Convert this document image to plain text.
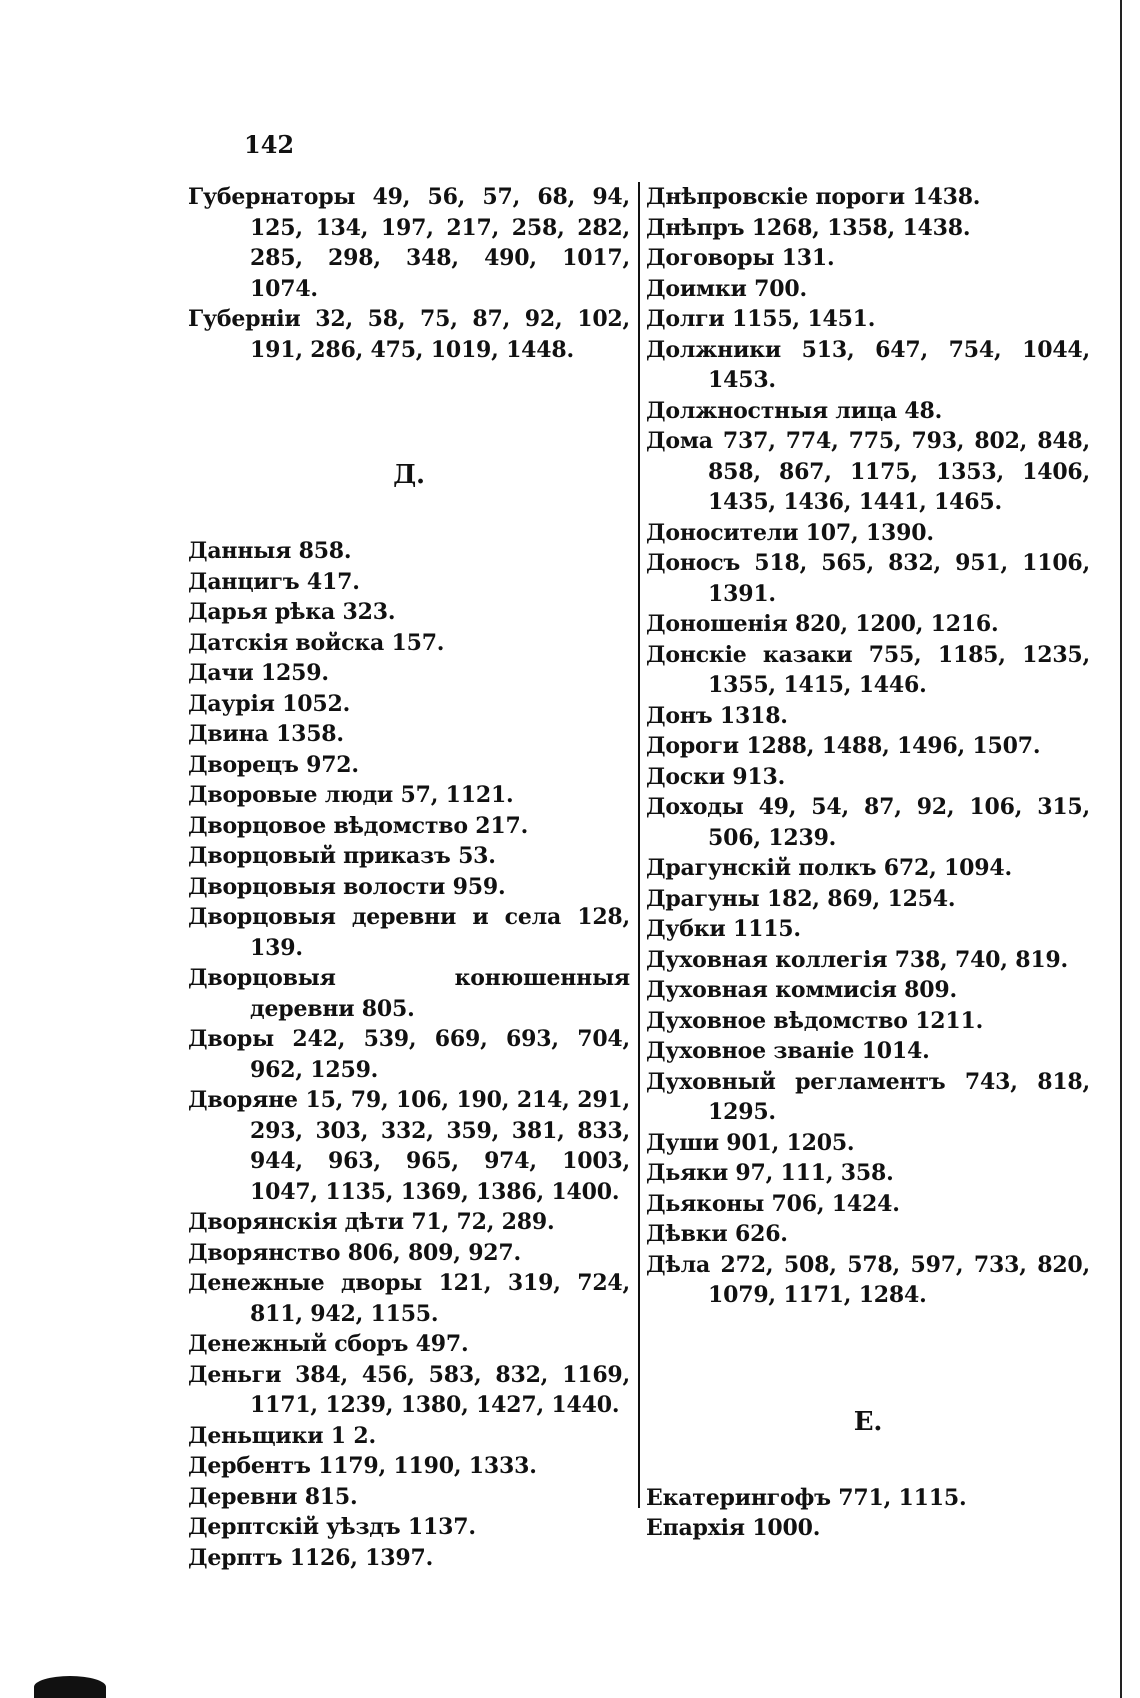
142

Губернаторы 49, 56, 57, 68, 94, 125, 134, 197, 217, 258, 282, 285, 298, 348, 490, 1017, 1074.

Губерніи 32, 58, 75, 87, 92, 102, 191, 286, 475, 1019, 1448.

Д.

Данныя 858.

Данцигъ 417.

Дарья рѣка 323.

Датскія войска 157.

Дачи 1259.

Даурія 1052.

Двина 1358.

Дворецъ 972.

Дворовые люди 57, 1121.

Дворцовое вѣдомство 217.

Дворцовый приказъ 53.

Дворцовыя волости 959.

Дворцовыя деревни и села 128, 139.

Дворцовыя конюшенныя деревни 805.

Дворы 242, 539, 669, 693, 704, 962, 1259.

Дворяне 15, 79, 106, 190, 214, 291, 293, 303, 332, 359, 381, 833, 944, 963, 965, 974, 1003, 1047, 1135, 1369, 1386, 1400.

Дворянскія дѣти 71, 72, 289.

Дворянство 806, 809, 927.

Денежные дворы 121, 319, 724, 811, 942, 1155.

Денежный сборъ 497.

Деньги 384, 456, 583, 832, 1169, 1171, 1239, 1380, 1427, 1440.

Деньщики 1 2.

Дербентъ 1179, 1190, 1333.

Деревни 815.

Дерптскій уѣздъ 1137.

Дерптъ 1126, 1397.

Днѣпровскіе пороги 1438.

Днѣпръ 1268, 1358, 1438.

Договоры 131.

Доимки 700.

Долги 1155, 1451.

Должники 513, 647, 754, 1044, 1453.

Должностныя лица 48.

Дома 737, 774, 775, 793, 802, 848, 858, 867, 1175, 1353, 1406, 1435, 1436, 1441, 1465.

Доносители 107, 1390.

Доносъ 518, 565, 832, 951, 1106, 1391.

Доношенія 820, 1200, 1216.

Донскіе казаки 755, 1185, 1235, 1355, 1415, 1446.

Донъ 1318.

Дороги 1288, 1488, 1496, 1507.

Доски 913.

Доходы 49, 54, 87, 92, 106, 315, 506, 1239.

Драгунскій полкъ 672, 1094.

Драгуны 182, 869, 1254.

Дубки 1115.

Духовная коллегія 738, 740, 819.

Духовная коммисія 809.

Духовное вѣдомство 1211.

Духовное званіе 1014.

Духовный регламентъ 743, 818, 1295.

Души 901, 1205.

Дьяки 97, 111, 358.

Дьяконы 706, 1424.

Дѣвки 626.

Дѣла 272, 508, 578, 597, 733, 820, 1079, 1171, 1284.

Е.

Екатерингофъ 771, 1115.

Епархія 1000.
